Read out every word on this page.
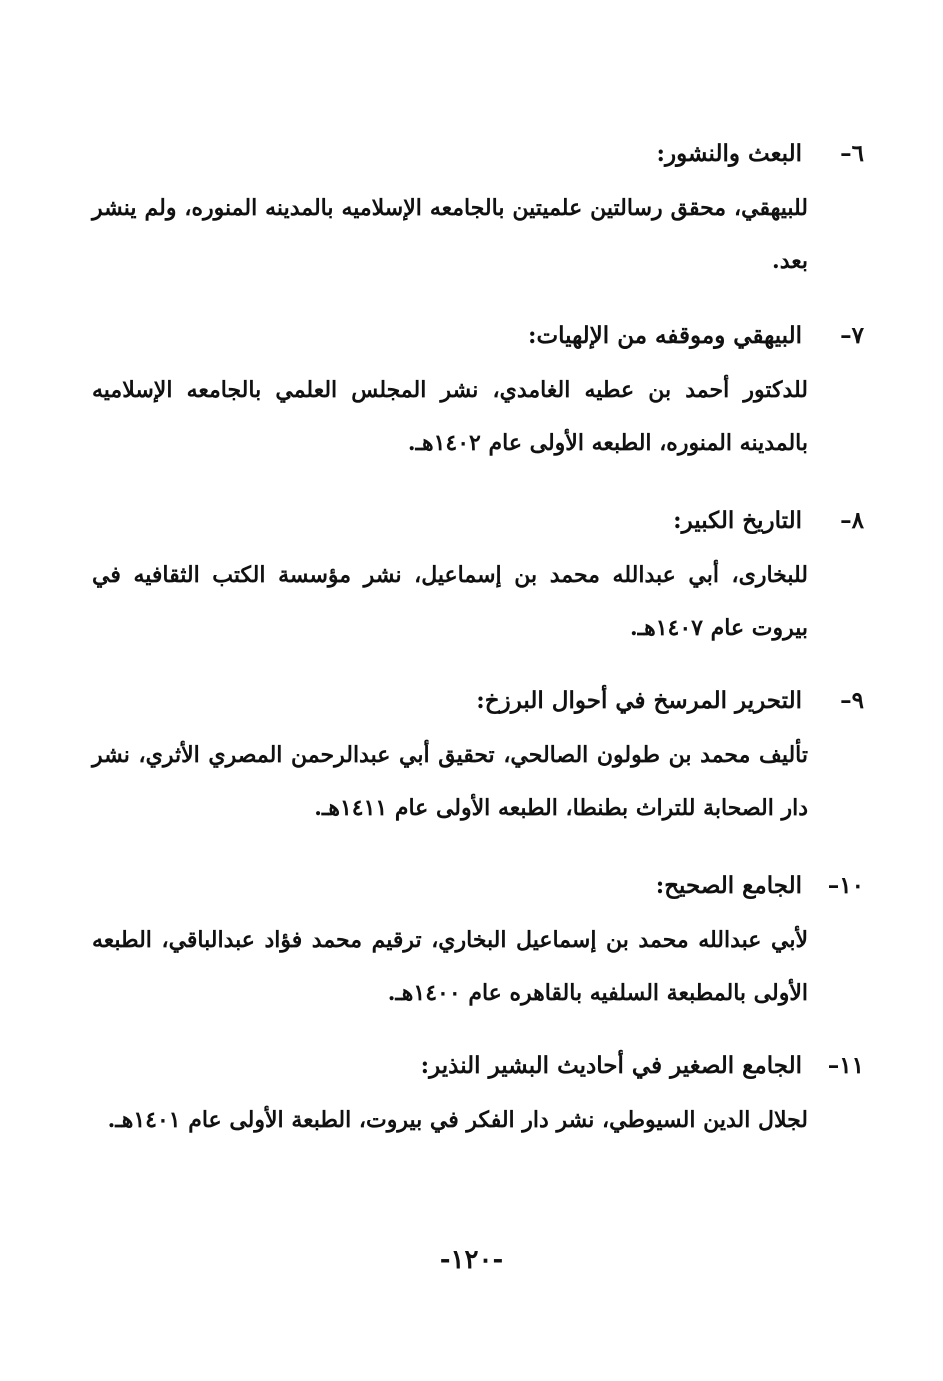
٦–
البعث والنشور:
للبيهقي، محقق رسالتين علميتين بالجامعه الإسلاميه بالمدينه المنوره، ولم ينشر بعد.
٧–
البيهقي وموقفه من الإلهيات:
للدكتور أحمد بن عطيه الغامدي، نشر المجلس العلمي بالجامعه الإسلاميه بالمدينه المنوره، الطبعه الأولى عام ١٤٠٢هـ.
٨–
التاريخ الكبير:
للبخارى، أبي عبدالله محمد بن إسماعيل، نشر مؤسسة الكتب الثقافيه في بيروت عام ١٤٠٧هـ.
٩–
التحرير المرسخ في أحوال البرزخ:
تأليف محمد بن طولون الصالحي، تحقيق أبي عبدالرحمن المصري الأثري، نشر دار الصحابة للتراث بطنطا، الطبعه الأولى عام ١٤١١هـ.
١٠–
الجامع الصحيح:
لأبي عبدالله محمد بن إسماعيل البخاري، ترقيم محمد فؤاد عبدالباقي، الطبعه الأولى بالمطبعة السلفيه بالقاهره عام ١٤٠٠هـ.
١١–
الجامع الصغير في أحاديث البشير النذير:
لجلال الدين السيوطي، نشر دار الفكر في بيروت، الطبعة الأولى عام ١٤٠١هـ.
-١٢٠-
